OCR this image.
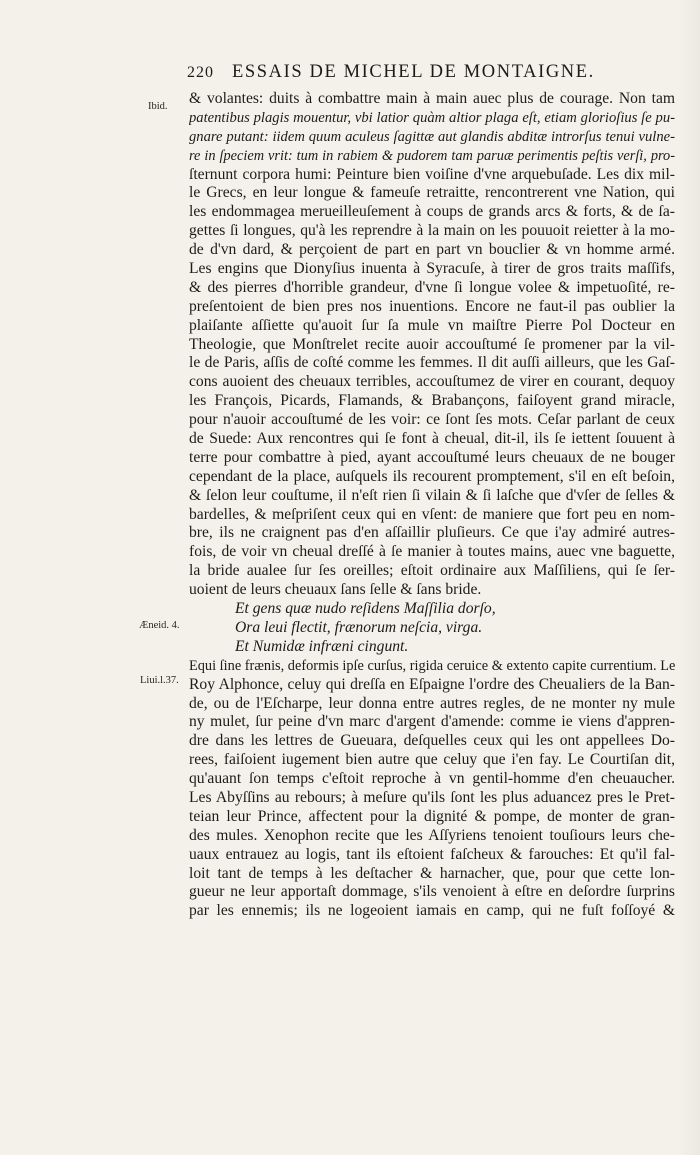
220 ESSAIS DE MICHEL DE MONTAIGNE.
Ibid.
Æneid. 4.
Liui.l.37.
& volantes: duits à combattre main à main auec plus de courage. Non tam
patentibus plagis mouentur, vbi latior quàm altior plaga eſt, etiam glorioſius ſe pu-
gnare putant: iidem quum aculeus ſagittæ aut glandis abditæ introrſus tenui vulne-
re in ſpeciem vrit: tum in rabiem & pudorem tam paruæ perimentis peſtis verſi, pro-
ſternunt corpora humi: Peinture bien voiſine d'vne arquebuſade. Les dix mil-
le Grecs, en leur longue & fameuſe retraitte, rencontrerent vne Nation, qui
les endommagea merueilleuſement à coups de grands arcs & forts, & de ſa-
gettes ſi longues, qu'à les reprendre à la main on les pouuoit reietter à la mo-
de d'vn dard, & perçoient de part en part vn bouclier & vn homme armé.
Les engins que Dionyſius inuenta à Syracuſe, à tirer de gros traits maſſifs,
& des pierres d'horrible grandeur, d'vne ſi longue volee & impetuoſité, re-
preſentoient de bien pres nos inuentions. Encore ne faut-il pas oublier la
plaiſante aſſiette qu'auoit ſur ſa mule vn maiſtre Pierre Pol Docteur en
Theologie, que Monſtrelet recite auoir accouſtumé ſe promener par la vil-
le de Paris, aſſis de coſté comme les femmes. Il dit auſſi ailleurs, que les Gaſ-
cons auoient des cheuaux terribles, accouſtumez de virer en courant, dequoy
les François, Picards, Flamands, & Brabançons, faiſoyent grand miracle,
pour n'auoir accouſtumé de les voir: ce ſont ſes mots. Ceſar parlant de ceux
de Suede: Aux rencontres qui ſe font à cheual, dit-il, ils ſe iettent ſouuent à
terre pour combattre à pied, ayant accouſtumé leurs cheuaux de ne bouger
cependant de la place, auſquels ils recourent promptement, s'il en eſt beſoin,
& ſelon leur couſtume, il n'eſt rien ſi vilain & ſi laſche que d'vſer de ſelles &
bardelles, & meſpriſent ceux qui en vſent: de maniere que fort peu en nom-
bre, ils ne craignent pas d'en aſſaillir pluſieurs. Ce que i'ay admiré autres-
fois, de voir vn cheual dreſſé à ſe manier à toutes mains, auec vne baguette,
la bride aualee ſur ſes oreilles; eſtoit ordinaire aux Maſſiliens, qui ſe ſer-
uoient de leurs cheuaux ſans ſelle & ſans bride.
Et gens quæ nudo reſidens Maſſilia dorſo,
Ora leui flectit, frænorum neſcia, virga.
Et Numidæ infræni cingunt.
Equi ſine frænis, deformis ipſe curſus, rigida ceruice & extento capite currentium. Le
Roy Alphonce, celuy qui dreſſa en Eſpaigne l'ordre des Cheualiers de la Ban-
de, ou de l'Eſcharpe, leur donna entre autres regles, de ne monter ny mule
ny mulet, ſur peine d'vn marc d'argent d'amende: comme ie viens d'appren-
dre dans les lettres de Gueuara, deſquelles ceux qui les ont appellees Do-
rees, faiſoient iugement bien autre que celuy que i'en fay. Le Courtiſan dit,
qu'auant ſon temps c'eſtoit reproche à vn gentil-homme d'en cheuaucher.
Les Abyſſins au rebours; à meſure qu'ils ſont les plus aduancez pres le Pret-
teian leur Prince, affectent pour la dignité & pompe, de monter de gran-
des mules. Xenophon recite que les Aſſyriens tenoient touſiours leurs che-
uaux entrauez au logis, tant ils eſtoient faſcheux & farouches: Et qu'il fal-
loit tant de temps à les deſtacher & harnacher, que, pour que cette lon-
gueur ne leur apportaſt dommage, s'ils venoient à eſtre en deſordre ſurprins
par les ennemis; ils ne logeoient iamais en camp, qui ne fuſt foſſoyé &
